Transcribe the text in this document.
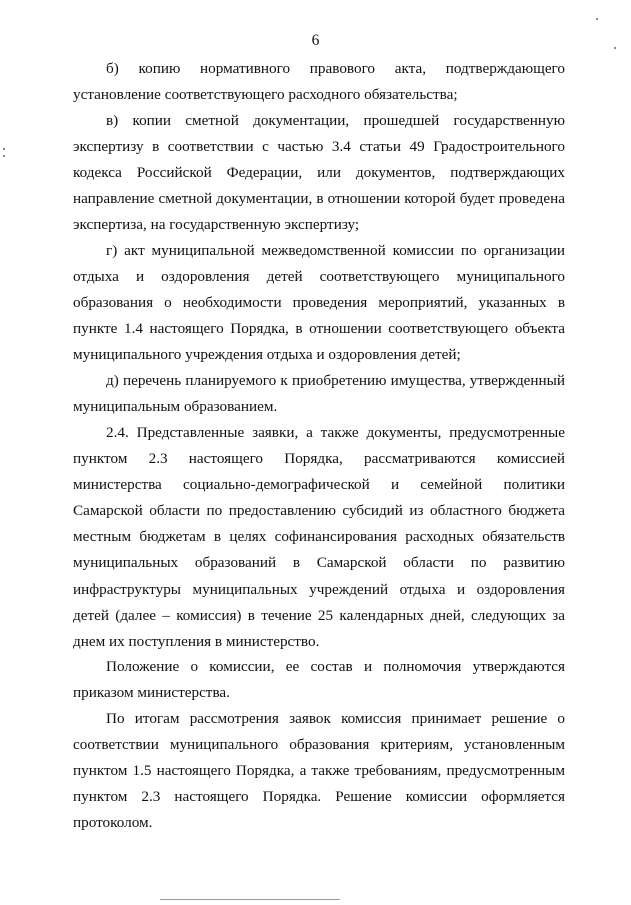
6

б) копию нормативного правового акта, подтверждающего установление соответствующего расходного обязательства;

в) копии сметной документации, прошедшей государственную экспертизу в соответствии с частью 3.4 статьи 49 Градостроительного кодекса Российской Федерации, или документов, подтверждающих направление сметной документации, в отношении которой будет проведена экспертиза, на государственную экспертизу;

г) акт муниципальной межведомственной комиссии по организации отдыха и оздоровления детей соответствующего муниципального образования о необходимости проведения мероприятий, указанных в пункте 1.4 настоящего Порядка, в отношении соответствующего объекта муниципального учреждения отдыха и оздоровления детей;

д) перечень планируемого к приобретению имущества, утвержденный муниципальным образованием.

2.4. Представленные заявки, а также документы, предусмотренные пунктом 2.3 настоящего Порядка, рассматриваются комиссией министерства социально-демографической и семейной политики Самарской области по предоставлению субсидий из областного бюджета местным бюджетам в целях софинансирования расходных обязательств муниципальных образований в Самарской области по развитию инфраструктуры муниципальных учреждений отдыха и оздоровления детей (далее – комиссия) в течение 25 календарных дней, следующих за днем их поступления в министерство.

Положение о комиссии, ее состав и полномочия утверждаются приказом министерства.

По итогам рассмотрения заявок комиссия принимает решение о соответствии муниципального образования критериям, установленным пунктом 1.5 настоящего Порядка, а также требованиям, предусмотренным пунктом 2.3 настоящего Порядка. Решение комиссии оформляется протоколом.
